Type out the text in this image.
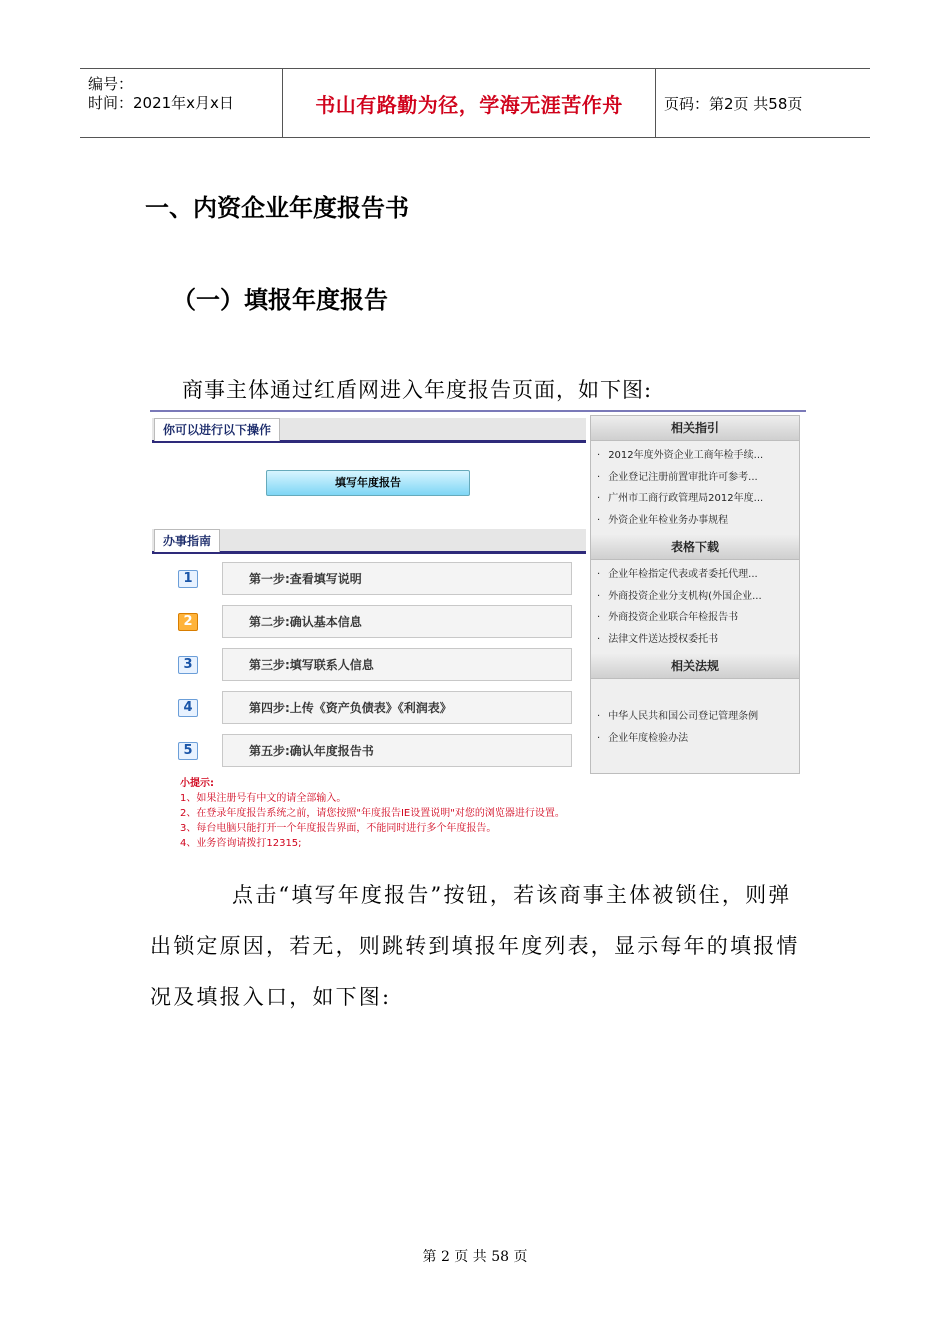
编号：
时间：2021年x月x日	书山有路勤为径，学海无涯苦作舟	页码：第2页 共58页
一、内资企业年度报告书
（一）填报年度报告
商事主体通过红盾网进入年度报告页面，如下图:
你可以进行以下操作
填写年度报告
办事指南
1	第一步:查看填写说明
2	第二步:确认基本信息
3	第三步:填写联系人信息
4	第四步:上传《资产负债表》《利润表》
5	第五步:确认年度报告书
小提示:
1、如果注册号有中文的请全部输入。
2、在登录年度报告系统之前，请您按照"年度报告IE设置说明"对您的浏览器进行设置。
3、每台电脑只能打开一个年度报告界面，不能同时进行多个年度报告。
4、业务咨询请拨打12315;
相关指引
· 2012年度外资企业工商年检手续...
· 企业登记注册前置审批许可参考...
· 广州市工商行政管理局2012年度...
· 外资企业年检业务办事规程
表格下载
· 企业年检指定代表或者委托代理...
· 外商投资企业分支机构(外国企业...
· 外商投资企业联合年检报告书
· 法律文件送达授权委托书
相关法规
· 中华人民共和国公司登记管理条例
· 企业年度检验办法
点击“填写年度报告”按钮，若该商事主体被锁住，则弹出锁定原因，若无，则跳转到填报年度列表，显示每年的填报情况及填报入口，如下图:
第 2 页 共 58 页
